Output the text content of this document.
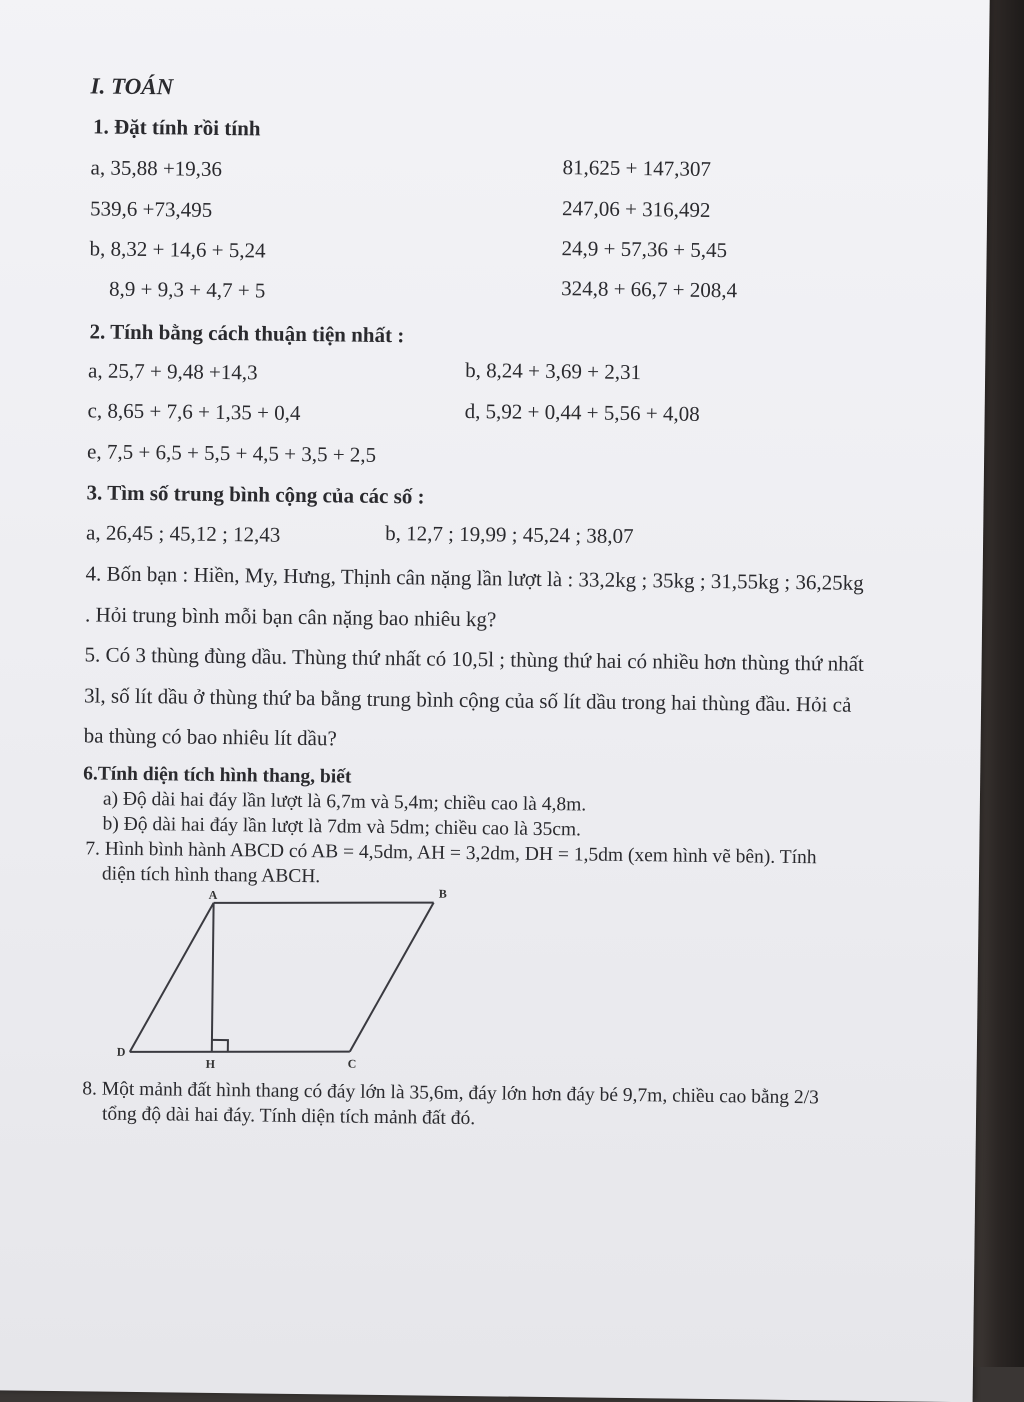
I. TOÁN
1. Đặt tính rồi tính
a, 35,88 +19,36	81,625 + 147,307
539,6 +73,495	247,06 + 316,492
b, 8,32 + 14,6 + 5,24	24,9 + 57,36 + 5,45
8,9 + 9,3 + 4,7 + 5	324,8 + 66,7 + 208,4
2. Tính bằng cách thuận tiện nhất :
a, 25,7 + 9,48 +14,3	b, 8,24 + 3,69 + 2,31
c, 8,65 + 7,6 + 1,35 + 0,4	d, 5,92 + 0,44 + 5,56 + 4,08
e, 7,5 + 6,5 + 5,5 + 4,5 + 3,5 + 2,5
3. Tìm số trung bình cộng của các số :
a, 26,45 ; 45,12 ; 12,43	b, 12,7 ; 19,99 ; 45,24 ; 38,07
4. Bốn bạn : Hiền, My, Hưng, Thịnh cân nặng lần lượt là : 33,2kg ; 35kg ; 31,55kg ; 36,25kg
. Hỏi trung bình mỗi bạn cân nặng bao nhiêu kg?
5. Có 3 thùng đùng dầu. Thùng thứ nhất có 10,5l ; thùng thứ hai có nhiều hơn thùng thứ nhất
3l, số lít dầu ở thùng thứ ba bằng trung bình cộng của số lít dầu trong hai thùng đầu. Hỏi cả
ba thùng có bao nhiêu lít dầu?
6.Tính diện tích hình thang, biết
a) Độ dài hai đáy lần lượt là 6,7m và 5,4m; chiều cao là 4,8m.
b) Độ dài hai đáy lần lượt là 7dm và 5dm; chiều cao là 35cm.
7. Hình bình hành ABCD có AB = 4,5dm, AH = 3,2dm, DH = 1,5dm (xem hình vẽ bên). Tính
diện tích hình thang ABCH.
A	B
C
D
H
8. Một mảnh đất hình thang có đáy lớn là 35,6m, đáy lớn hơn đáy bé 9,7m, chiều cao bằng 2/3
tổng độ dài hai đáy. Tính diện tích mảnh đất đó.
